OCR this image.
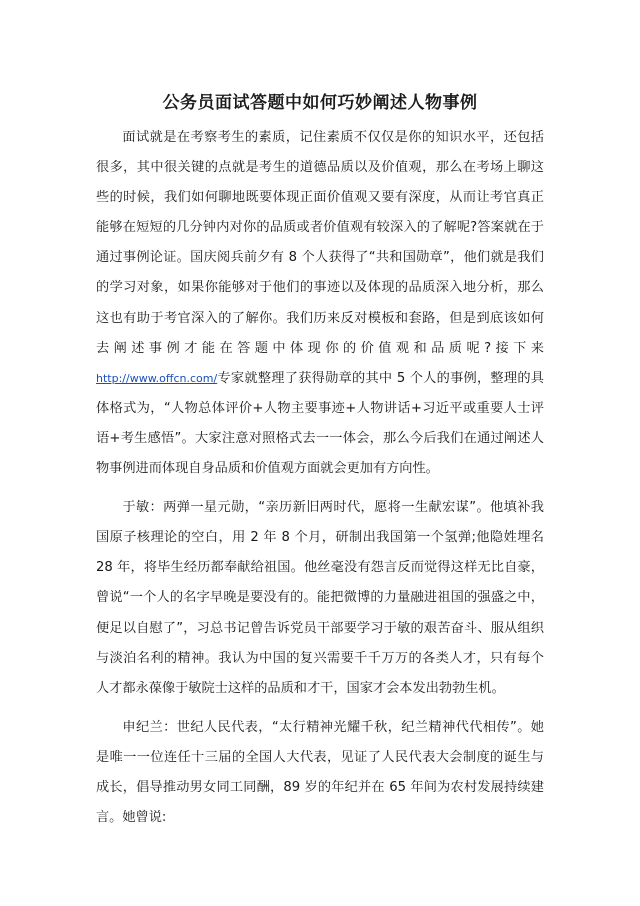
公务员面试答题中如何巧妙阐述人物事例

面试就是在考察考生的素质，记住素质不仅仅是你的知识水平，还包括很多，其中很关键的点就是考生的道德品质以及价值观，那么在考场上聊这些的时候，我们如何聊地既要体现正面价值观又要有深度，从而让考官真正能够在短短的几分钟内对你的品质或者价值观有较深入的了解呢?答案就在于通过事例论证。国庆阅兵前夕有 8 个人获得了“共和国勋章”，他们就是我们的学习对象，如果你能够对于他们的事迹以及体现的品质深入地分析，那么这也有助于考官深入的了解你。我们历来反对模板和套路，但是到底该如何去阐述事例才能在答题中体现你的价值观和品质呢?接下来 http://www.offcn.com/专家就整理了获得勋章的其中 5 个人的事例，整理的具体格式为，“人物总体评价+人物主要事迹+人物讲话+习近平或重要人士评语+考生感悟”。大家注意对照格式去一一体会，那么今后我们在通过阐述人物事例进而体现自身品质和价值观方面就会更加有方向性。

于敏：两弹一星元勋，“亲历新旧两时代，愿将一生献宏谋”。他填补我国原子核理论的空白，用 2 年 8 个月，研制出我国第一个氢弹;他隐姓埋名 28 年，将毕生经历都奉献给祖国。他丝毫没有怨言反而觉得这样无比自豪，曾说“一个人的名字早晚是要没有的。能把微博的力量融进祖国的强盛之中，便足以自慰了”，习总书记曾告诉党员干部要学习于敏的艰苦奋斗、服从组织与淡泊名利的精神。我认为中国的复兴需要千千万万的各类人才，只有每个人才都永葆像于敏院士这样的品质和才干，国家才会本发出勃勃生机。

申纪兰：世纪人民代表，“太行精神光耀千秋，纪兰精神代代相传”。她是唯一一位连任十三届的全国人大代表，见证了人民代表大会制度的诞生与成长，倡导推动男女同工同酬，89 岁的年纪并在 65 年间为农村发展持续建言。她曾说:
